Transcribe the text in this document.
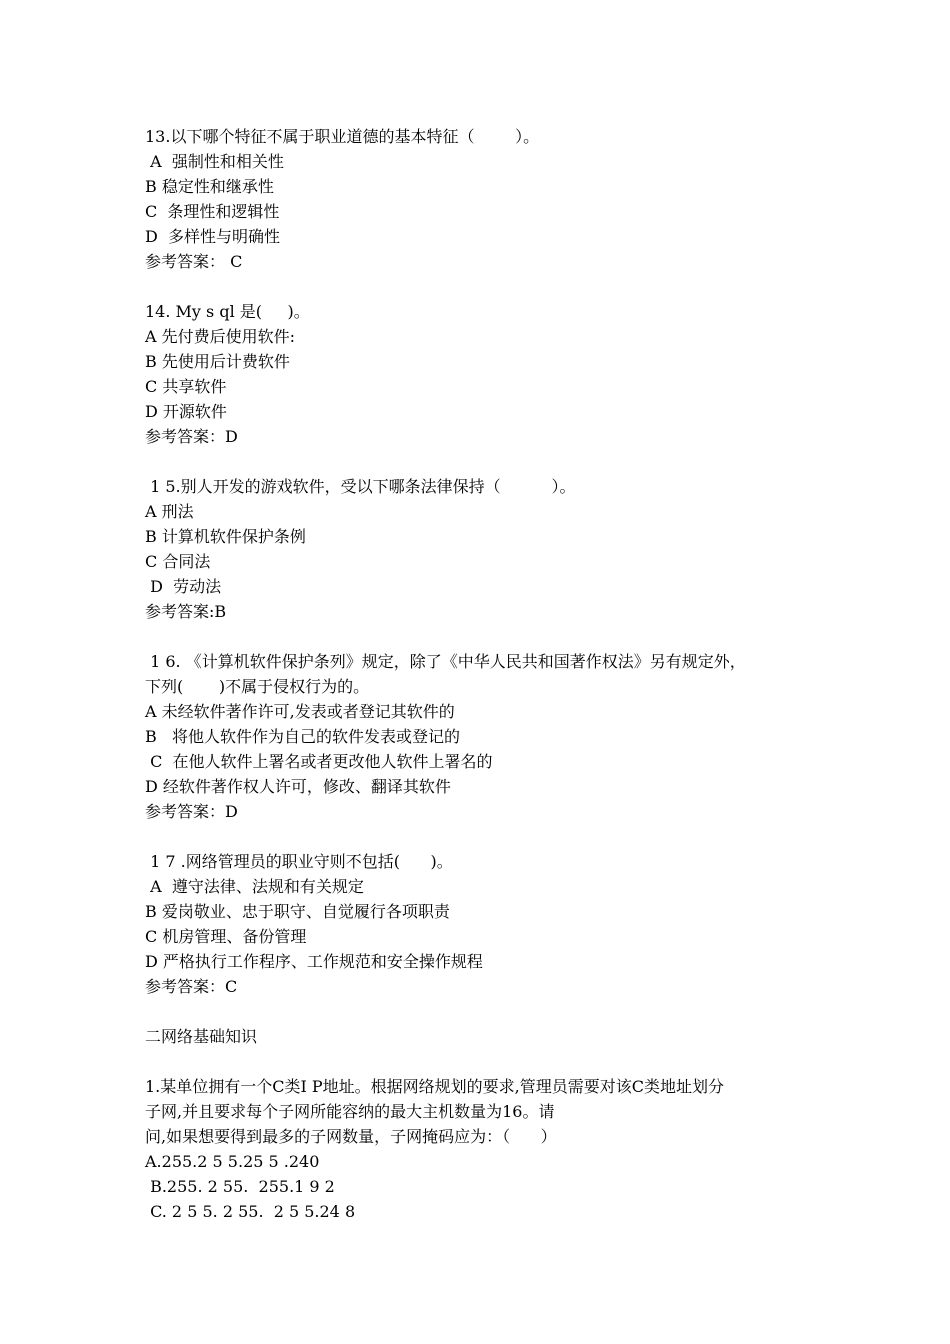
13.以下哪个特征不属于职业道德的基本特征（        ）。
A  强制性和相关性
B 稳定性和继承性
C  条理性和逻辑性
D  多样性与明确性
参考答案： C
14. My s ql 是(     )。
A 先付费后使用软件:
B 先使用后计费软件
C 共享软件
D 开源软件
参考答案：D
1 5.别人开发的游戏软件，受以下哪条法律保持（          ）。
A 刑法
B 计算机软件保护条例
C 合同法
D  劳动法
参考答案:B
1 6. 《计算机软件保护条列》规定，除了《中华人民共和国著作权法》另有规定外，
下列(       )不属于侵权行为的。
A 未经软件著作许可,发表或者登记其软件的
B   将他人软件作为自己的软件发表或登记的
C  在他人软件上署名或者更改他人软件上署名的
D 经软件著作权人许可，修改、翻译其软件
参考答案：D
1 7 .网络管理员的职业守则不包括(      )。
A  遵守法律、法规和有关规定
B 爱岗敬业、忠于职守、自觉履行各项职责
C 机房管理、备份管理
D 严格执行工作程序、工作规范和安全操作规程
参考答案：C
二网络基础知识
1.某单位拥有一个C类I P地址。根据网络规划的要求,管理员需要对该C类地址划分
子网,并且要求每个子网所能容纳的最大主机数量为16。请
问,如果想要得到最多的子网数量，子网掩码应为：（      ）
A.255.2 5 5.25 5 .240
B.255. 2 55.  255.1 9 2
C. 2 5 5. 2 55.  2 5 5.24 8
